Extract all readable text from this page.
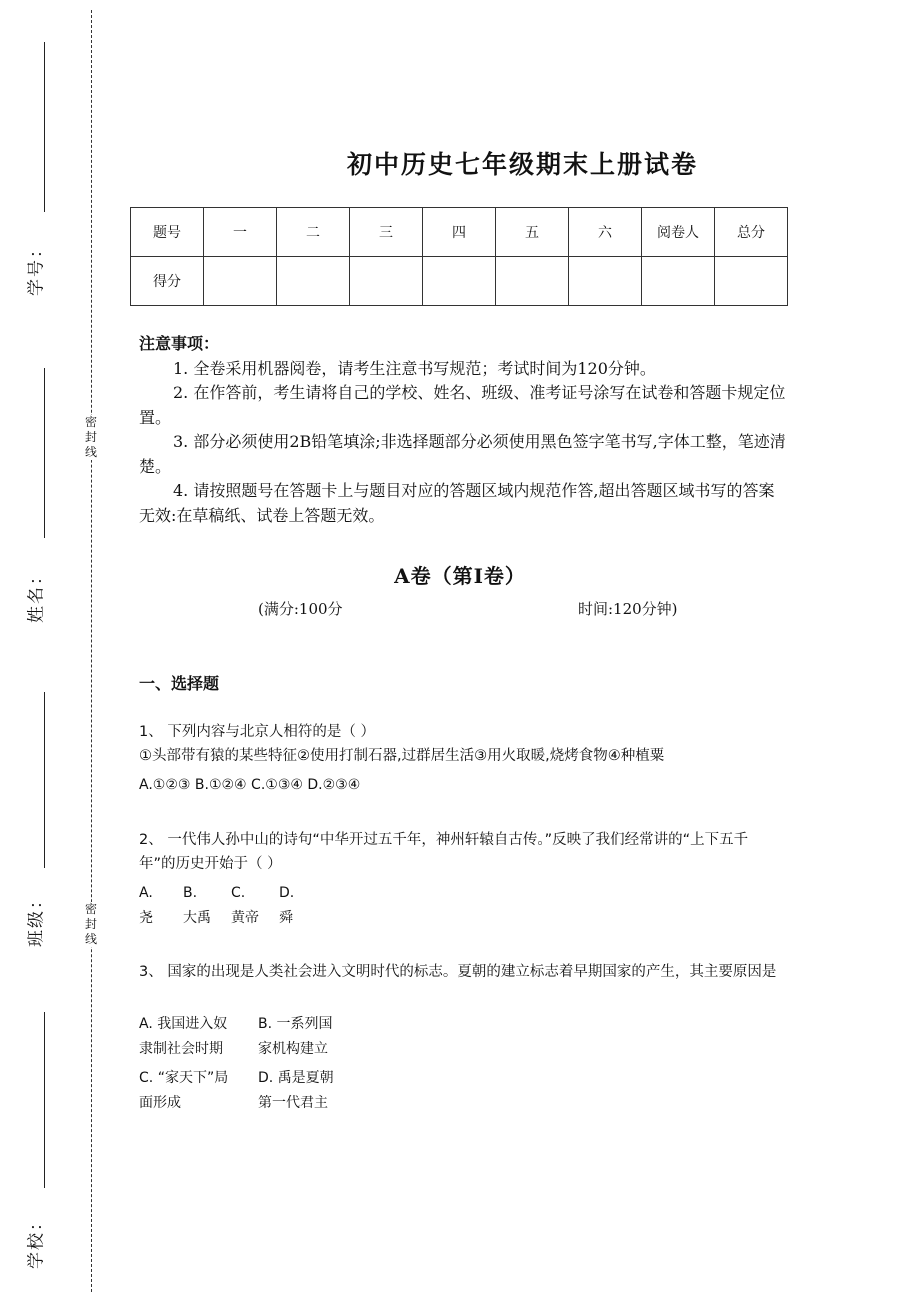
学号：
姓名：
班级：
学校：
密封线
密封线
初中历史七年级期末上册试卷
题号	一	二	三	四	五	六	阅卷人	总分
得分								

注意事项：

1. 全卷采用机器阅卷，请考生注意书写规范；考试时间为120分钟。

2. 在作答前，考生请将自己的学校、姓名、班级、准考证号涂写在试卷和答题卡规定位置。

3. 部分必须使用2B铅笔填涂;非选择题部分必须使用黑色签字笔书写,字体工整，笔迹清楚。

4. 请按照题号在答题卡上与题目对应的答题区域内规范作答,超出答题区域书写的答案无效:在草稿纸、试卷上答题无效。

A卷（第I卷）
(满分:100分	时间:120分钟)
一、选择题

1、 下列内容与北京人相符的是（ ）

①头部带有猿的某些特征②使用打制石器,过群居生活③用火取暖,烧烤食物④种植粟

A.①②③ B.①②④ C.①③④ D.②③④

2、 一代伟人孙中山的诗句“中华开过五千年，神州轩辕自古传。”反映了我们经常讲的“上下五千年”的历史开始于（ ）

A.
尧
B.
大禹
C.
黄帝
D.
舜

3、 国家的出现是人类社会进入文明时代的标志。夏朝的建立标志着早期国家的产生，其主要原因是

A. 我国进入奴
隶制社会时期
B. 一系列国
家机构建立
C. “家天下”局
面形成
D. 禹是夏朝
第一代君主
